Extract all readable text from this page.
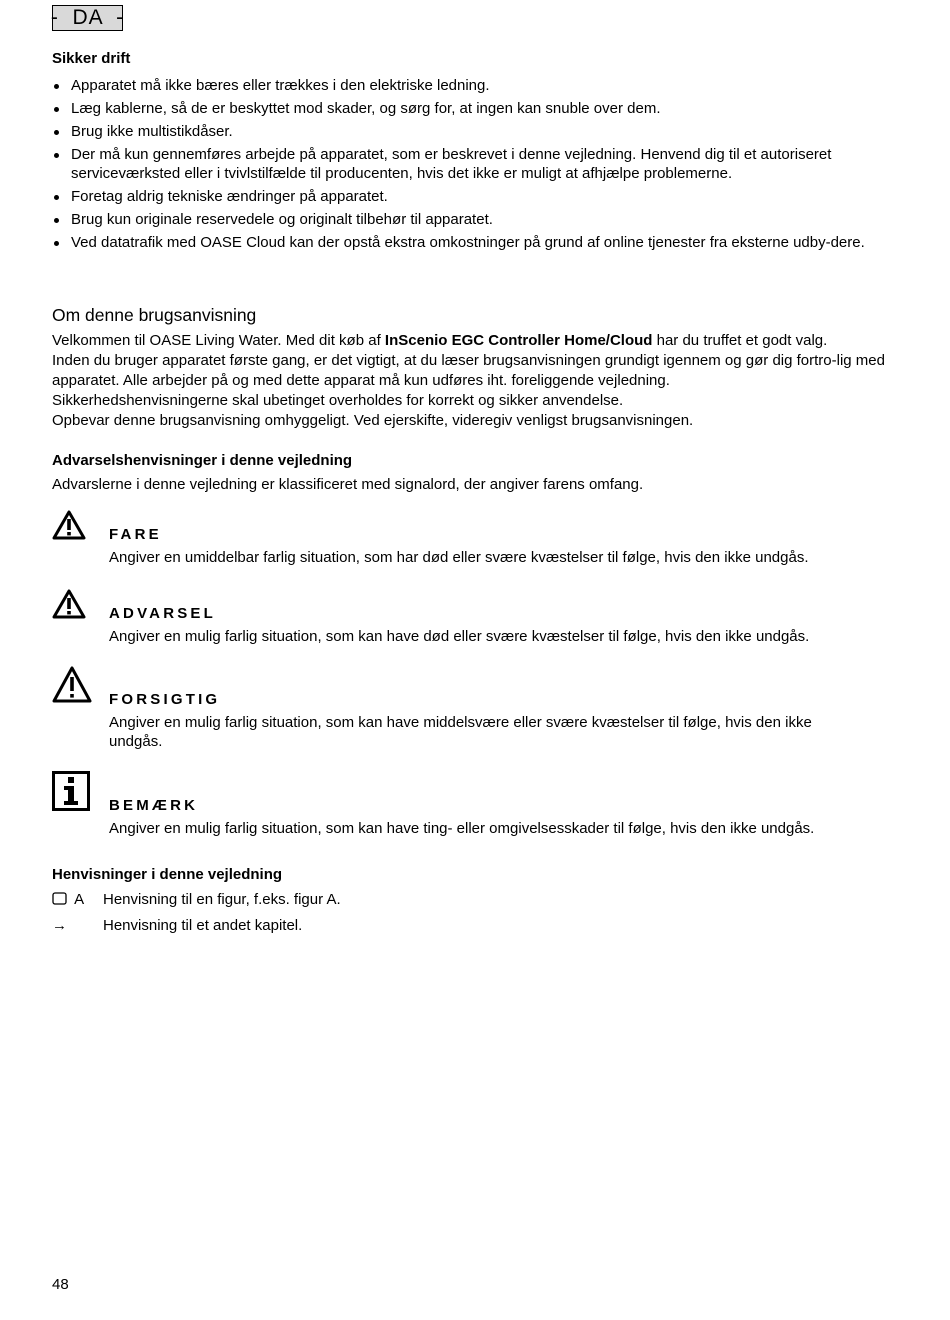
-  DA  -
Sikker drift
Apparatet må ikke bæres eller trækkes i den elektriske ledning.
Læg kablerne, så de er beskyttet mod skader, og sørg for, at ingen kan snuble over dem.
Brug ikke multistikdåser.
Der må kun gennemføres arbejde på apparatet, som er beskrevet i denne vejledning. Henvend dig til et autoriseret serviceværksted eller i tvivlstilfælde til producenten, hvis det ikke er muligt at afhjælpe problemerne.
Foretag aldrig tekniske ændringer på apparatet.
Brug kun originale reservedele og originalt tilbehør til apparatet.
Ved datatrafik med OASE Cloud kan der opstå ekstra omkostninger på grund af online tjenester fra eksterne udby-dere.
Om denne brugsanvisning

Velkommen til OASE Living Water. Med dit køb af InScenio EGC Controller Home/Cloud har du truffet et godt valg.

Inden du bruger apparatet første gang, er det vigtigt, at du læser brugsanvisningen grundigt igennem og gør dig fortro-lig med apparatet. Alle arbejder på og med dette apparat må kun udføres iht. foreliggende vejledning.

Sikkerhedshenvisningerne skal ubetinget overholdes for korrekt og sikker anvendelse.

Opbevar denne brugsanvisning omhyggeligt. Ved ejerskifte, videregiv venligst brugsanvisningen.

Advarselshenvisninger i denne vejledning
Advarslerne i denne vejledning er klassificeret med signalord, der angiver farens omfang.
FARE
Angiver en umiddelbar farlig situation, som har død eller svære kvæstelser til følge, hvis den ikke undgås.
ADVARSEL
Angiver en mulig farlig situation, som kan have død eller svære kvæstelser til følge, hvis den ikke undgås.
FORSIGTIG
Angiver en mulig farlig situation, som kan have middelsvære eller svære kvæstelser til følge, hvis den ikke undgås.
BEMÆRK
Angiver en mulig farlig situation, som kan have ting- eller omgivelsesskader til følge, hvis den ikke undgås.
Henvisninger i denne vejledning
A Henvisning til en figur, f.eks. figur A.
→ Henvisning til et andet kapitel.
48
